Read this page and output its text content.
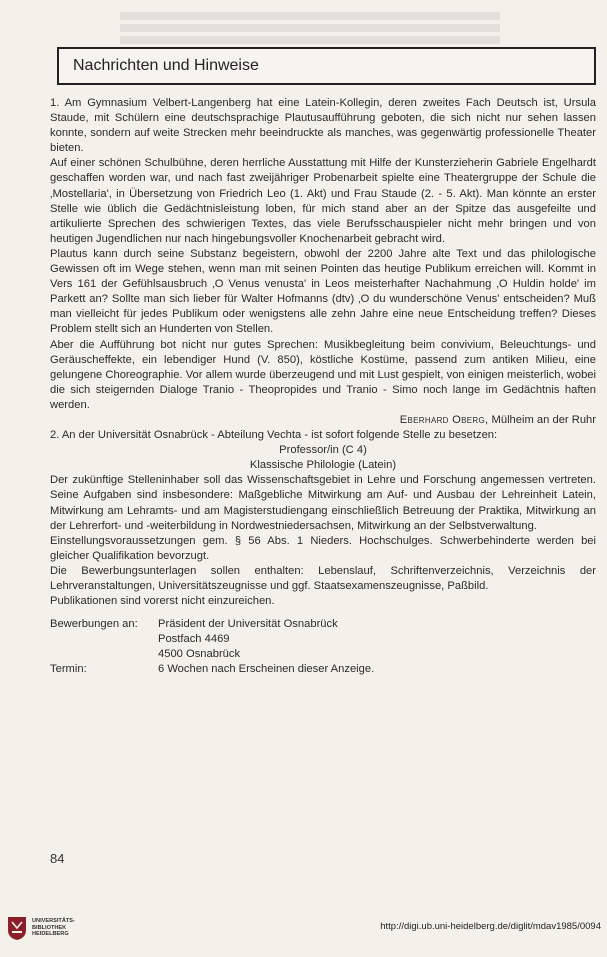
Nachrichten und Hinweise

1. Am Gymnasium Velbert-Langenberg hat eine Latein-Kollegin, deren zweites Fach Deutsch ist, Ursula Staude, mit Schülern eine deutschsprachige Plautusaufführung geboten, die sich nicht nur sehen lassen konnte, sondern auf weite Strecken mehr beeindruckte als manches, was gegenwärtig professionelle Theater bieten.

Auf einer schönen Schulbühne, deren herrliche Ausstattung mit Hilfe der Kunsterzieherin Gabriele Engelhardt geschaffen worden war, und nach fast zweijähriger Probenarbeit spielte eine Theatergruppe der Schule die ‚Mostellaria', in Übersetzung von Friedrich Leo (1. Akt) und Frau Staude (2. - 5. Akt). Man könnte an erster Stelle wie üblich die Gedächtnisleistung loben, für mich stand aber an der Spitze das ausgefeilte und artikulierte Sprechen des schwierigen Textes, das viele Berufsschauspieler nicht mehr bringen und von heutigen Jugendlichen nur nach hingebungsvoller Knochenarbeit gebracht wird.

Plautus kann durch seine Substanz begeistern, obwohl der 2200 Jahre alte Text und das philologische Gewissen oft im Wege stehen, wenn man mit seinen Pointen das heutige Publikum erreichen will. Kommt in Vers 161 der Gefühlsausbruch ‚O Venus venusta' in Leos meisterhafter Nachahmung ‚O Huldin holde' im Parkett an? Sollte man sich lieber für Walter Hofmanns (dtv) ‚O du wunderschöne Venus' entscheiden? Muß man vielleicht für jedes Publikum oder wenigstens alle zehn Jahre eine neue Entscheidung treffen? Dieses Problem stellt sich an Hunderten von Stellen.

Aber die Aufführung bot nicht nur gutes Sprechen: Musikbegleitung beim convivium, Beleuchtungs- und Geräuscheffekte, ein lebendiger Hund (V. 850), köstliche Kostüme, passend zum antiken Milieu, eine gelungene Choreographie. Vor allem wurde überzeugend und mit Lust gespielt, von einigen meisterlich, wobei die sich steigernden Dialoge Tranio - Theopropides und Tranio - Simo noch lange im Gedächtnis haften werden.

Eberhard Oberg, Mülheim an der Ruhr

2. An der Universität Osnabrück - Abteilung Vechta - ist sofort folgende Stelle zu besetzen:

Professor/in (C 4)

Klassische Philologie (Latein)

Der zukünftige Stelleninhaber soll das Wissenschaftsgebiet in Lehre und Forschung angemessen vertreten. Seine Aufgaben sind insbesondere: Maßgebliche Mitwirkung am Auf- und Ausbau der Lehreinheit Latein, Mitwirkung am Lehramts- und am Magisterstudiengang einschließlich Betreuung der Praktika, Mitwirkung an der Lehrerfort- und -weiterbildung in Nordwestniedersachsen, Mitwirkung an der Selbstverwaltung.

Einstellungsvoraussetzungen gem. § 56 Abs. 1 Nieders. Hochschulges. Schwerbehinderte werden bei gleicher Qualifikation bevorzugt.

Die Bewerbungsunterlagen sollen enthalten: Lebenslauf, Schriftenverzeichnis, Verzeichnis der Lehrveranstaltungen, Universitätszeugnisse und ggf. Staatsexamenszeugnisse, Paßbild.

Publikationen sind vorerst nicht einzureichen.

Bewerbungen an:	Präsident der Universität Osnabrück
Postfach 4469
4500 Osnabrück
Termin:	6 Wochen nach Erscheinen dieser Anzeige.
84
UNIVERSITÄTS-
BIBLIOTHEK
HEIDELBERG
http://digi.ub.uni-heidelberg.de/diglit/mdav1985/0094
